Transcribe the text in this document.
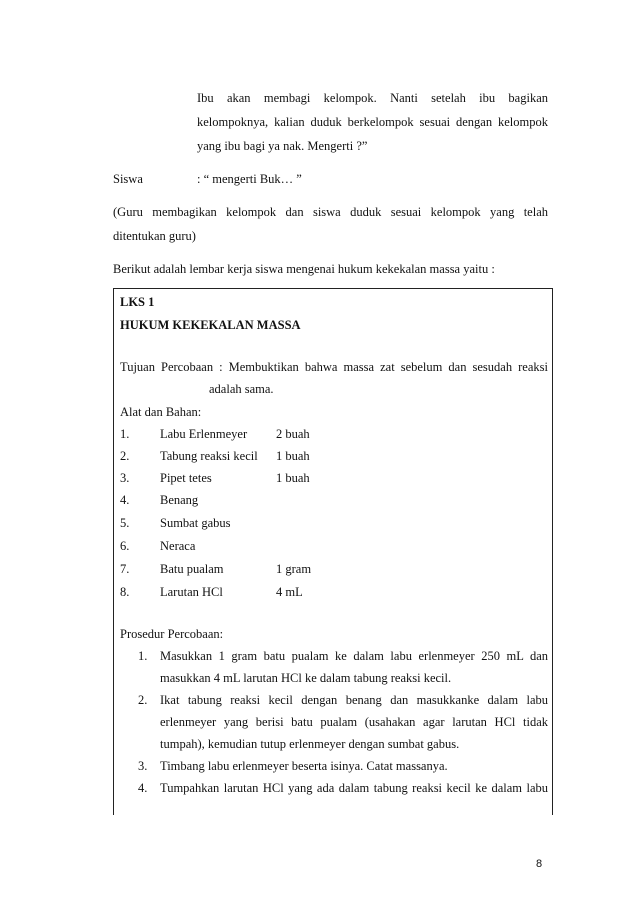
Ibu akan membagi kelompok. Nanti setelah ibu bagikan
kelompoknya, kalian duduk berkelompok sesuai dengan kelompok
yang ibu bagi ya nak. Mengerti ?”
Siswa	: “ mengerti Buk… ”
(Guru membagikan kelompok dan siswa duduk sesuai kelompok yang telah
ditentukan guru)
Berikut adalah lembar kerja siswa mengenai hukum kekekalan massa yaitu :
LKS 1
HUKUM KEKEKALAN MASSA
Tujuan Percobaan : Membuktikan bahwa massa zat sebelum dan sesudah reaksi
adalah sama.
Alat dan Bahan:
1. Labu Erlenmeyer 2 buah
2. Tabung reaksi kecil 1 buah
3. Pipet tetes	1 buah
4. Benang
5. Sumbat gabus
6. Neraca
7. Batu pualam	1 gram
8. Larutan HCl	4 mL
Prosedur Percobaan:
1. Masukkan 1 gram batu pualam ke dalam labu erlenmeyer 250 mL dan
masukkan 4 mL larutan HCl ke dalam tabung reaksi kecil.
2. Ikat tabung reaksi kecil dengan benang dan masukkanke dalam labu
erlenmeyer yang berisi batu pualam (usahakan agar larutan HCl tidak
tumpah), kemudian tutup erlenmeyer dengan sumbat gabus.
3. Timbang labu erlenmeyer beserta isinya. Catat massanya.
4. Tumpahkan larutan HCl yang ada dalam tabung reaksi kecil ke dalam labu
8
